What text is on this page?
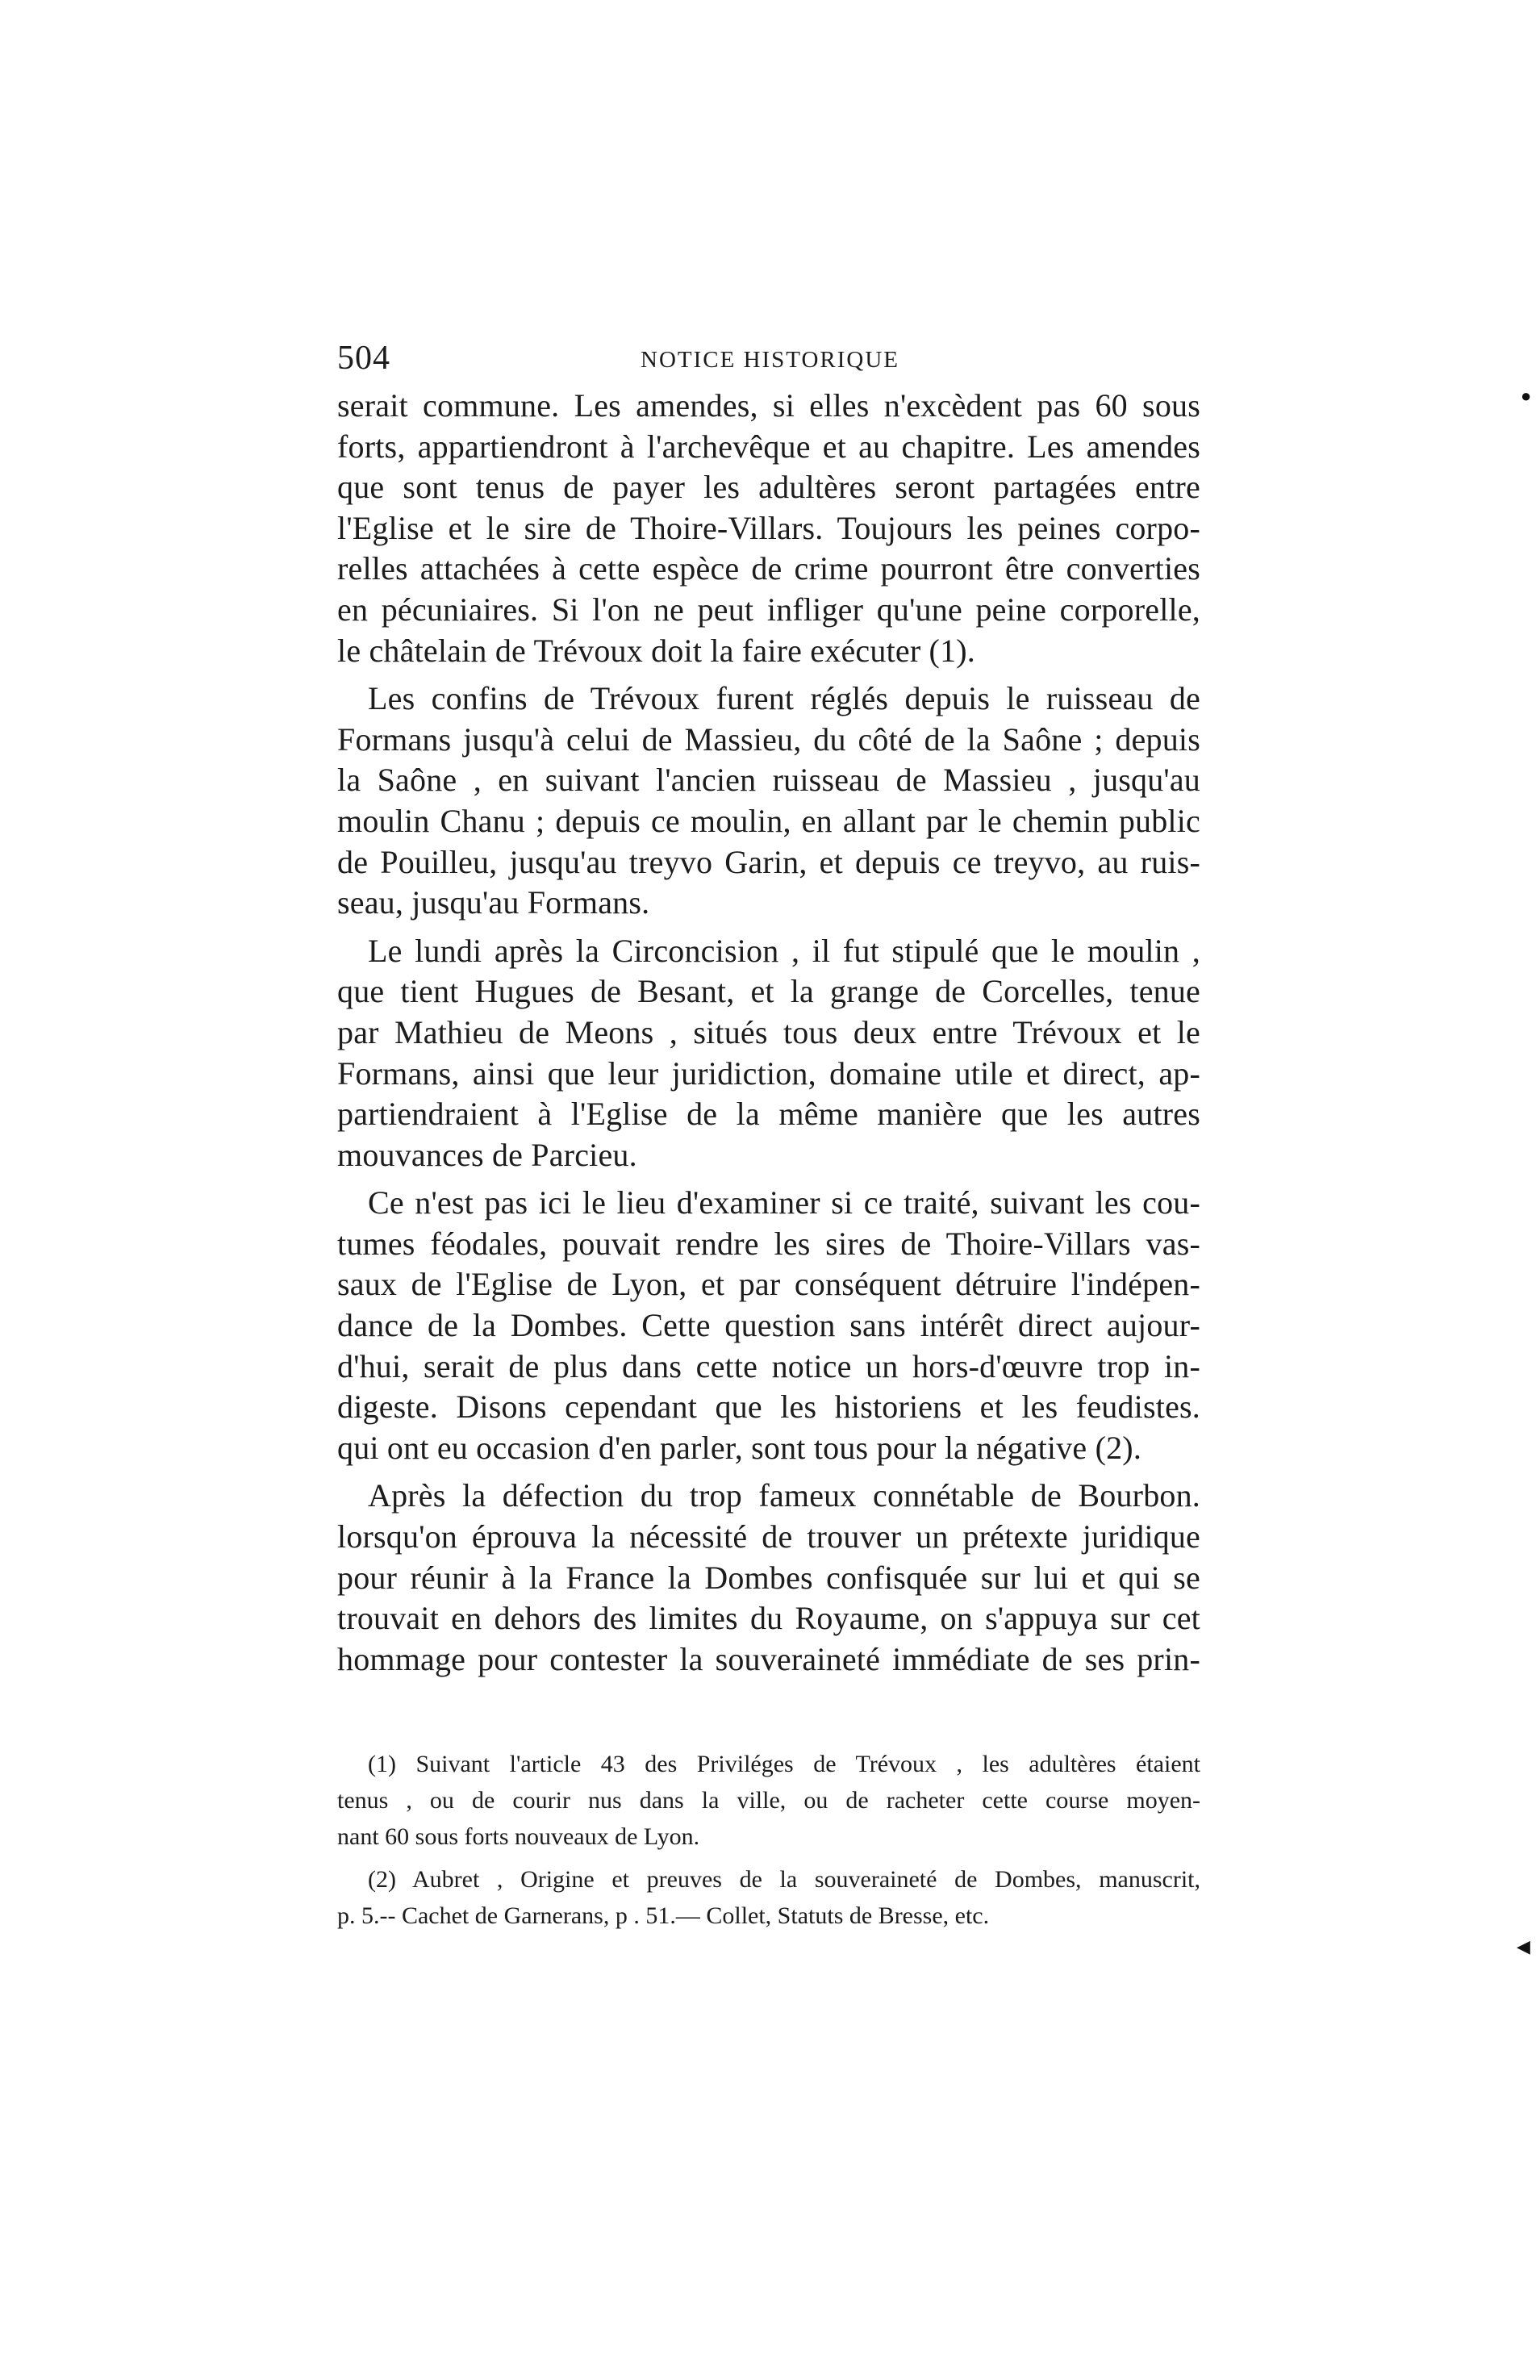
504	NOTICE HISTORIQUE
serait commune. Les amendes, si elles n'excèdent pas 60 sous
forts, appartiendront à l'archevêque et au chapitre. Les amendes
que sont tenus de payer les adultères seront partagées entre
l'Eglise et le sire de Thoire-Villars. Toujours les peines corpo-
relles attachées à cette espèce de crime pourront être converties
en pécuniaires. Si l'on ne peut infliger qu'une peine corporelle,
le châtelain de Trévoux doit la faire exécuter (1).
Les confins de Trévoux furent réglés depuis le ruisseau de
Formans jusqu'à celui de Massieu, du côté de la Saône ; depuis
la Saône , en suivant l'ancien ruisseau de Massieu , jusqu'au
moulin Chanu ; depuis ce moulin, en allant par le chemin public
de Pouilleu, jusqu'au treyvo Garin, et depuis ce treyvo, au ruis-
seau, jusqu'au Formans.
Le lundi après la Circoncision , il fut stipulé que le moulin ,
que tient Hugues de Besant, et la grange de Corcelles, tenue
par Mathieu de Meons , situés tous deux entre Trévoux et le
Formans, ainsi que leur juridiction, domaine utile et direct, ap-
partiendraient à l'Eglise de la même manière que les autres
mouvances de Parcieu.
Ce n'est pas ici le lieu d'examiner si ce traité, suivant les cou-
tumes féodales, pouvait rendre les sires de Thoire-Villars vas-
saux de l'Eglise de Lyon, et par conséquent détruire l'indépen-
dance de la Dombes. Cette question sans intérêt direct aujour-
d'hui, serait de plus dans cette notice un hors-d'œuvre trop in-
digeste. Disons cependant que les historiens et les feudistes.
qui ont eu occasion d'en parler, sont tous pour la négative (2).
Après la défection du trop fameux connétable de Bourbon.
lorsqu'on éprouva la nécessité de trouver un prétexte juridique
pour réunir à la France la Dombes confisquée sur lui et qui se
trouvait en dehors des limites du Royaume, on s'appuya sur cet
hommage pour contester la souveraineté immédiate de ses prin-
(1) Suivant l'article 43 des Priviléges de Trévoux , les adultères étaient
tenus , ou de courir nus dans la ville, ou de racheter cette course moyen-
nant 60 sous forts nouveaux de Lyon.
(2) Aubret , Origine et preuves de la souveraineté de Dombes, manuscrit,
p. 5.-- Cachet de Garnerans, p . 51.— Collet, Statuts de Bresse, etc.
●
◀
